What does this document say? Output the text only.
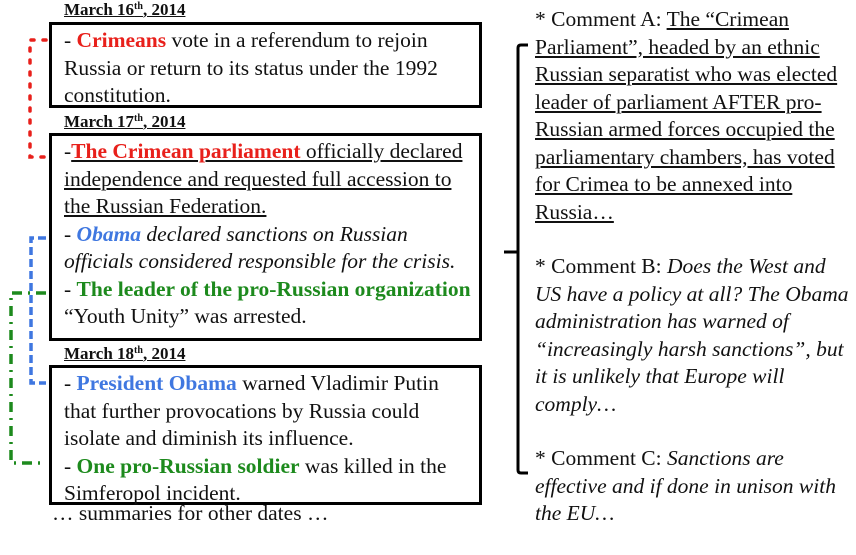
March 16th, 2014
- Crimeans vote in a referendum to rejoin Russia or return to its status under the 1992 constitution.
March 17th, 2014
-The Crimean parliament officially declared independence and requested full accession to the Russian Federation.
- Obama declared sanctions on Russian officials considered responsible for the crisis.
- The leader of the pro-Russian organization “Youth Unity” was arrested.
March 18th, 2014
- President Obama warned Vladimir Putin that further provocations by Russia could isolate and diminish its influence.
- One pro-Russian soldier was killed in the Simferopol incident.
… summaries for other dates …
* Comment A: The “Crimean Parliament”, headed by an ethnic Russian separatist who was elected leader of parliament AFTER pro-Russian armed forces occupied the parliamentary chambers, has voted for Crimea to be annexed into Russia…
* Comment B: Does the West and US have a policy at all? The Obama administration has warned of “increasingly harsh sanctions”, but it is unlikely that Europe will comply…
* Comment C: Sanctions are effective and if done in unison with the EU…
